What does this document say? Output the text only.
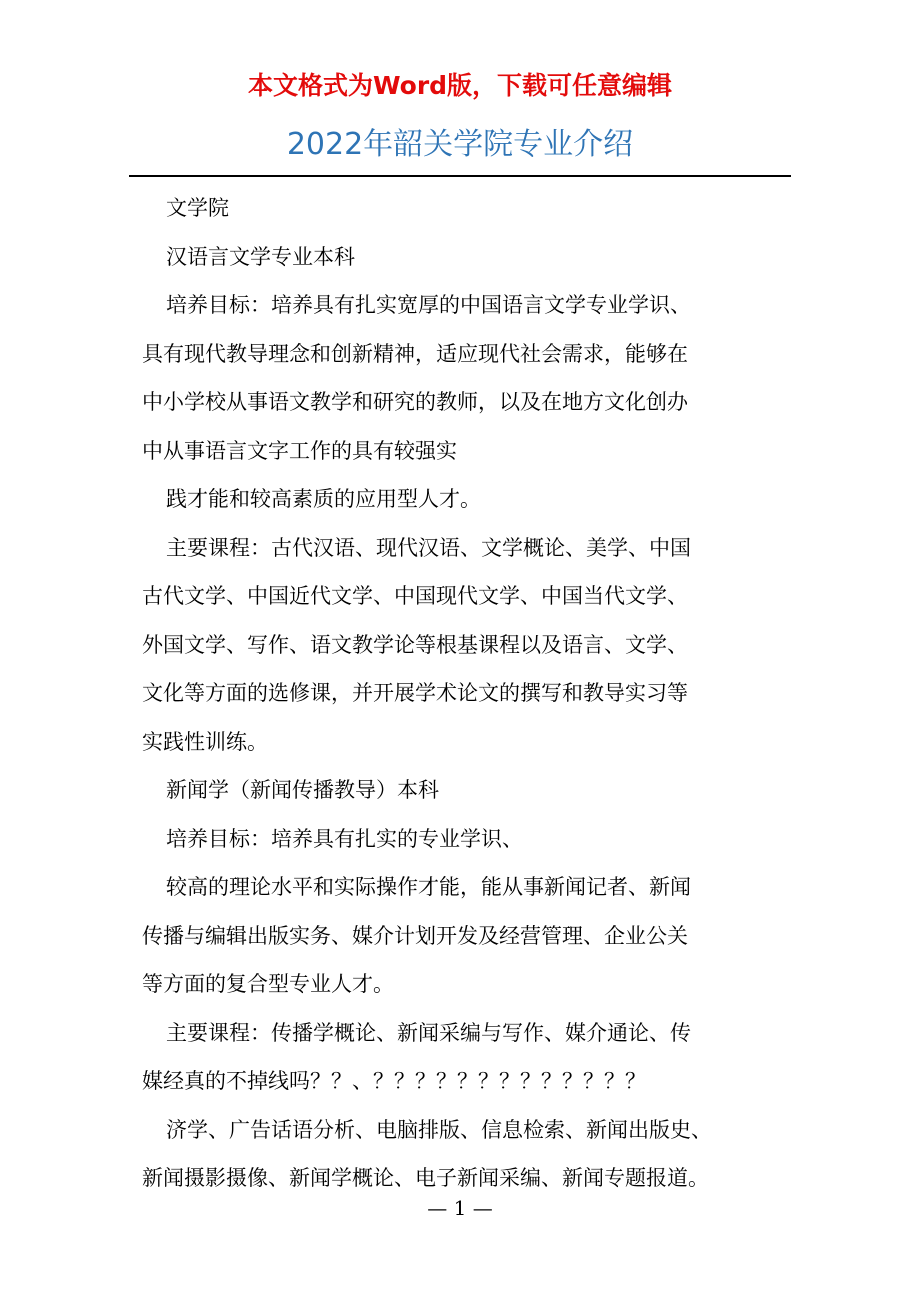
本文格式为Word版，下载可任意编辑

2022年韶关学院专业介绍

文学院

汉语言文学专业本科

培养目标：培养具有扎实宽厚的中国语言文学专业学识、

具有现代教导理念和创新精神，适应现代社会需求，能够在

中小学校从事语文教学和研究的教师，以及在地方文化创办

中从事语言文字工作的具有较强实

践才能和较高素质的应用型人才。

主要课程：古代汉语、现代汉语、文学概论、美学、中国

古代文学、中国近代文学、中国现代文学、中国当代文学、

外国文学、写作、语文教学论等根基课程以及语言、文学、

文化等方面的选修课，并开展学术论文的撰写和教导实习等

实践性训练。

新闻学（新闻传播教导）本科

培养目标：培养具有扎实的专业学识、

较高的理论水平和实际操作才能，能从事新闻记者、新闻

传播与编辑出版实务、媒介计划开发及经营管理、企业公关

等方面的复合型专业人才。

主要课程：传播学概论、新闻采编与写作、媒介通论、传

媒经真的不掉线吗？？、？？？？？？？？？？？？？

济学、广告话语分析、电脑排版、信息检索、新闻出版史、

新闻摄影摄像、新闻学概论、电子新闻采编、新闻专题报道。

— 1 —
